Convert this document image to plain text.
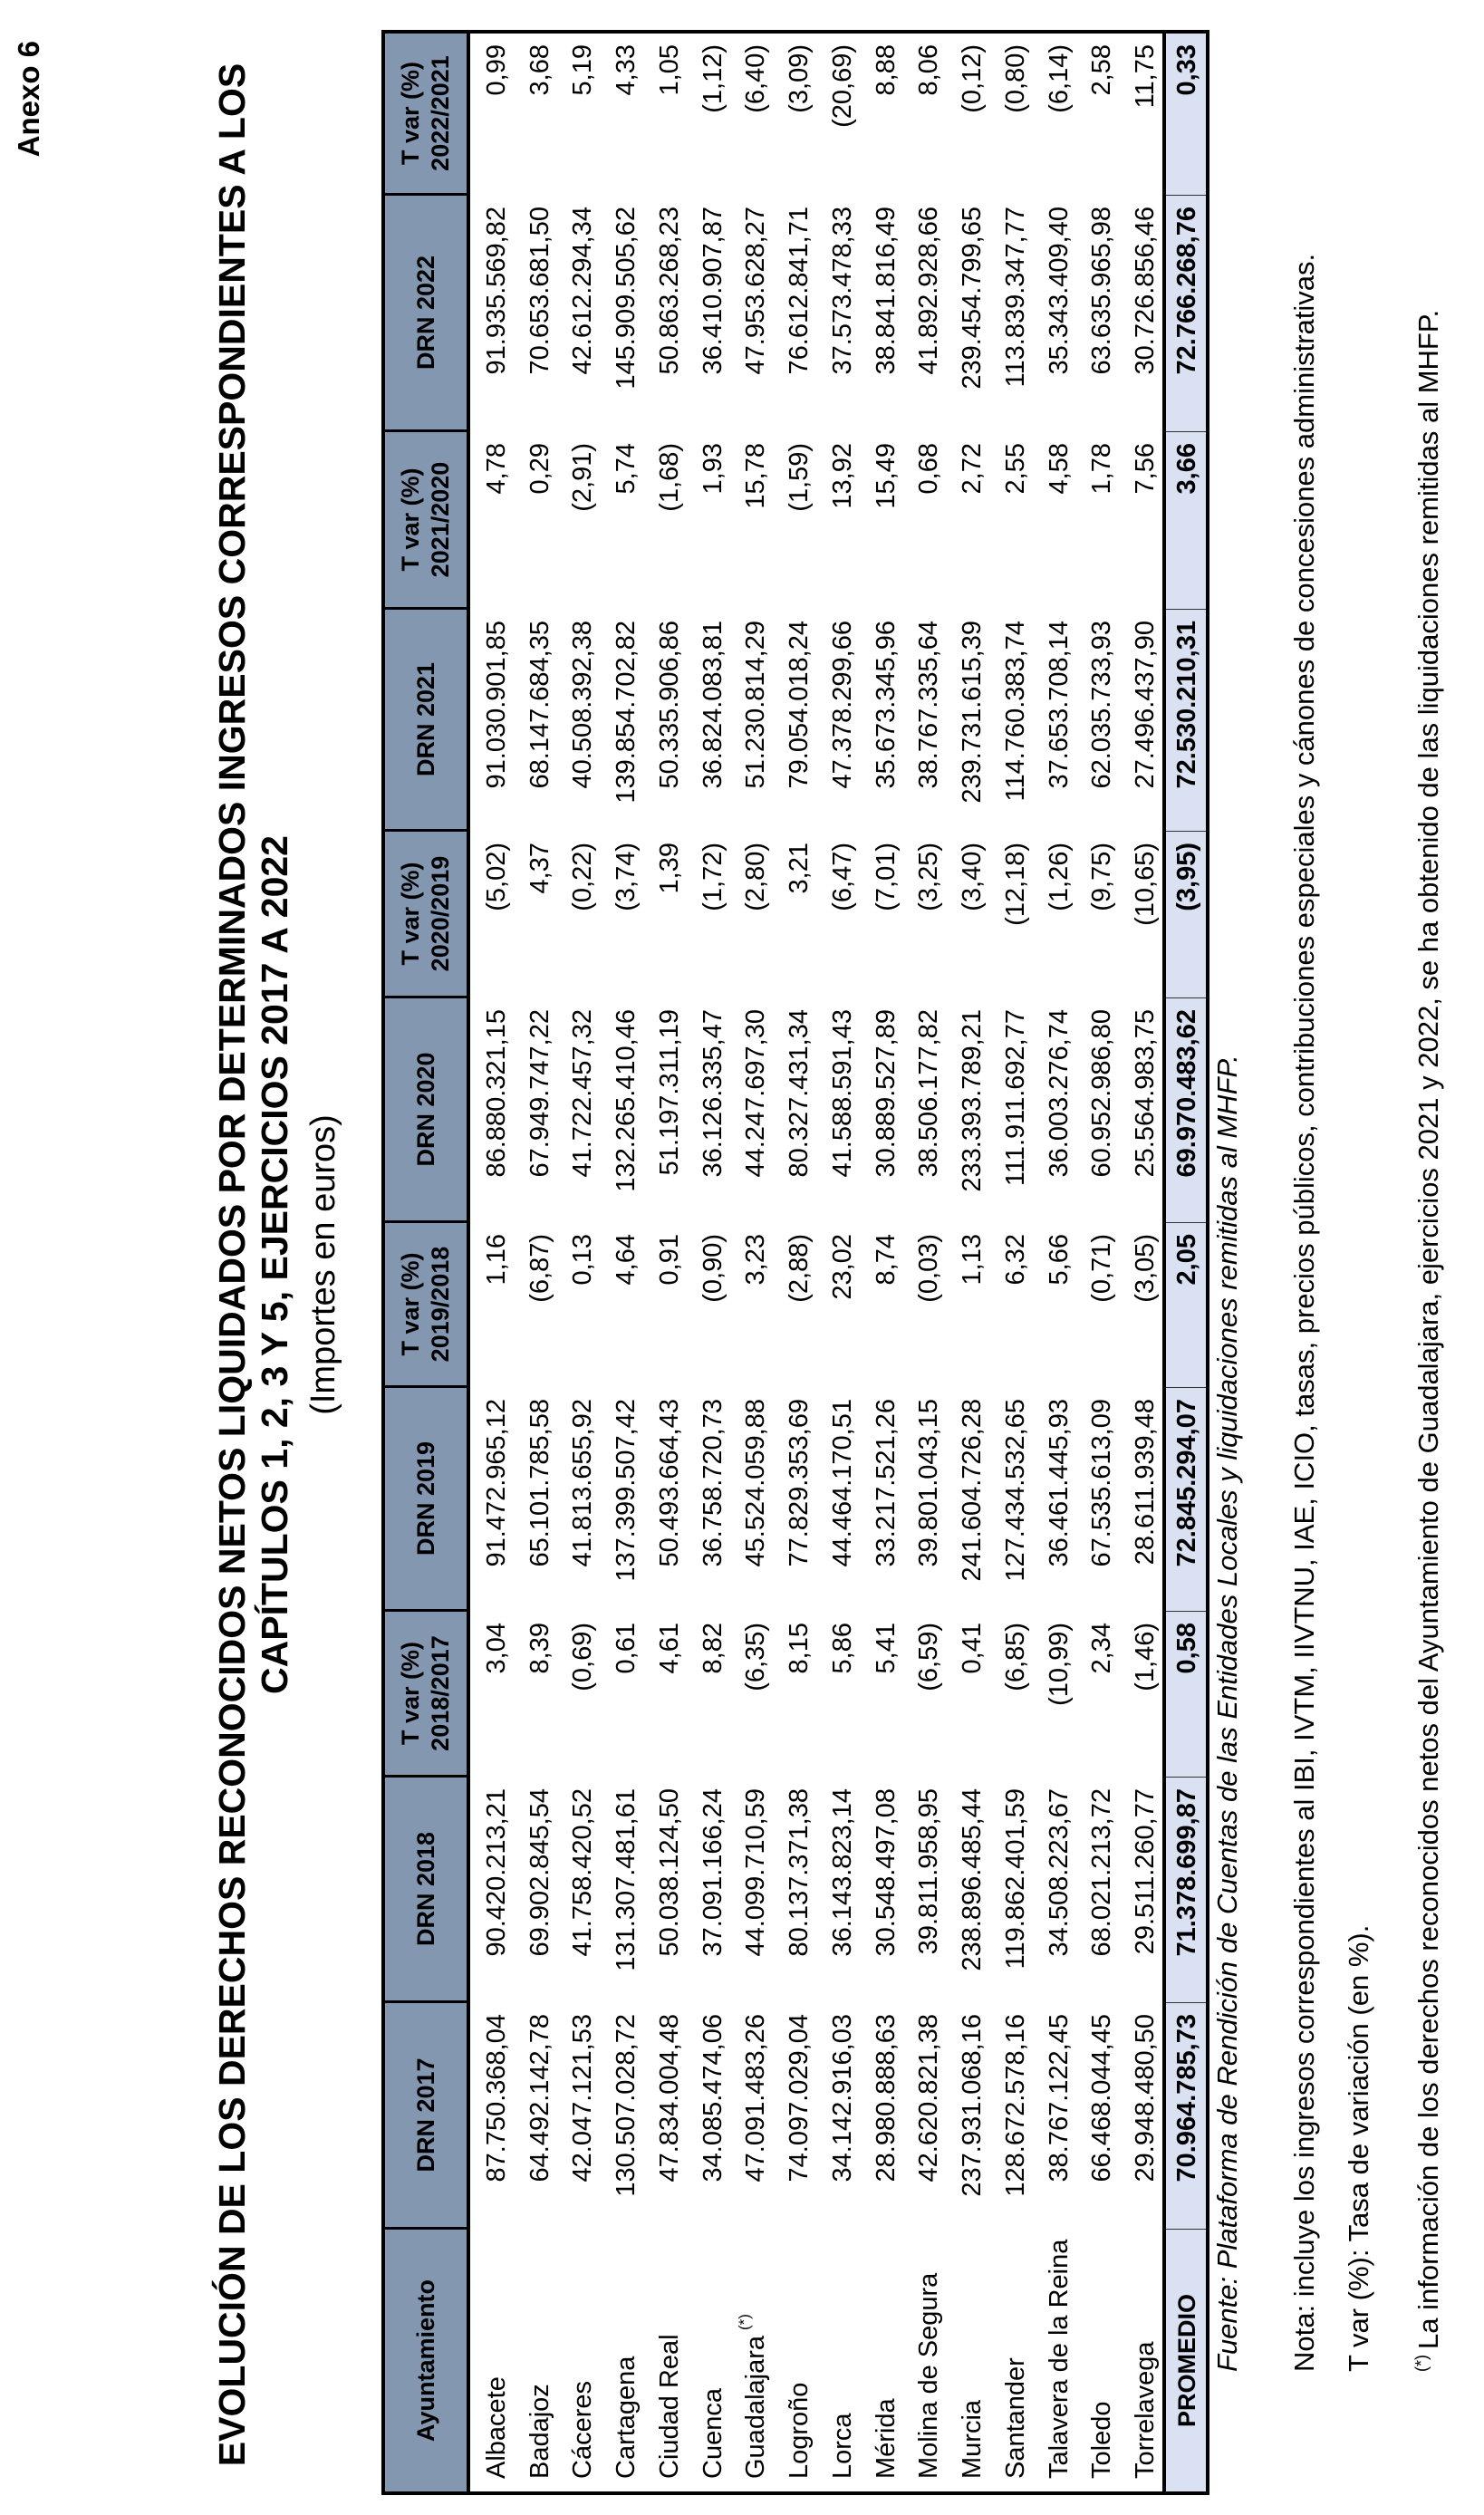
Anexo 6	EVOLUCIÓN DE LOS DERECHOS RECONOCIDOS NETOS LIQUIDADOS POR DETERMINADOS INGRESOS CORRESPONDIENTES A LOS CAPÍTULOS 1, 2, 3 Y 5, EJERCICIOS 2017 A 2022 (Importes en euros)
Ayuntamiento
DRN 2017
DRN 2018
T var (%) 2018/2017
DRN 2019
T var (%) 2019/2018
DRN 2020
T var (%) 2020/2019
DRN 2021
T var (%) 2021/2020
DRN 2022
T var (%) 2022/2021
Albacete
87.750.368,04
90.420.213,21
3,04
91.472.965,12
1,16
86.880.321,15
(5,02)
91.030.901,85
4,78
91.935.569,82
0,99
Badajoz
64.492.142,78
69.902.845,54
8,39
65.101.785,58
(6,87)
67.949.747,22
4,37
68.147.684,35
0,29
70.653.681,50
3,68
Cáceres
42.047.121,53
41.758.420,52
(0,69)
41.813.655,92
0,13
41.722.457,32
(0,22)
40.508.392,38
(2,91)
42.612.294,34
5,19
Cartagena
130.507.028,72
131.307.481,61
0,61
137.399.507,42
4,64
132.265.410,46
(3,74)
139.854.702,82
5,74
145.909.505,62
4,33
Ciudad Real
47.834.004,48
50.038.124,50
4,61
50.493.664,43
0,91
51.197.311,19
1,39
50.335.906,86
(1,68)
50.863.268,23
1,05
Cuenca
34.085.474,06
37.091.166,24
8,82
36.758.720,73
(0,90)
36.126.335,47
(1,72)
36.824.083,81
1,93
36.410.907,87
(1,12)
Guadalajara
(*)
47.091.483,26
44.099.710,59
(6,35)
45.524.059,88
3,23
44.247.697,30
(2,80)
51.230.814,29
15,78
47.953.628,27
(6,40)
Logroño
74.097.029,04
80.137.371,38
8,15
77.829.353,69
(2,88)
80.327.431,34
3,21
79.054.018,24
(1,59)
76.612.841,71
(3,09)
Lorca
34.142.916,03
36.143.823,14
5,86
44.464.170,51
23,02
41.588.591,43
(6,47)
47.378.299,66
13,92
37.573.478,33
(20,69)
Mérida
28.980.888,63
30.548.497,08
5,41
33.217.521,26
8,74
30.889.527,89
(7,01)
35.673.345,96
15,49
38.841.816,49
8,88
Molina de Segura
42.620.821,38
39.811.958,95
(6,59)
39.801.043,15
(0,03)
38.506.177,82
(3,25)
38.767.335,64
0,68
41.892.928,66
8,06
Murcia
237.931.068,16
238.896.485,44
0,41
241.604.726,28
1,13
233.393.789,21
(3,40)
239.731.615,39
2,72
239.454.799,65
(0,12)
Santander
128.672.578,16
119.862.401,59
(6,85)
127.434.532,65
6,32
111.911.692,77
(12,18)
114.760.383,74
2,55
113.839.347,77
(0,80)
Talavera de la Reina
38.767.122,45
34.508.223,67
(10,99)
36.461.445,93
5,66
36.003.276,74
(1,26)
37.653.708,14
4,58
35.343.409,40
(6,14)
Toledo
66.468.044,45
68.021.213,72
2,34
67.535.613,09
(0,71)
60.952.986,80
(9,75)
62.035.733,93
1,78
63.635.965,98
2,58
Torrelavega
29.948.480,50
29.511.260,77
(1,46)
28.611.939,48
(3,05)
25.564.983,75
(10,65)
27.496.437,90
7,56
30.726.856,46
11,75
PROMEDIO
70.964.785,73
71.378.699,87
0,58
72.845.294,07
2,05
69.970.483,62
(3,95)
72.530.210,31
3,66
72.766.268,76
0,33
Fuente: Plataforma de Rendición de Cuentas de las Entidades Locales y liquidaciones remitidas al MHFP. Nota: incluye los ingresos correspondientes al IBI, IVTM, IIVTNU, IAE, ICIO, tasas, precios públicos, contribuciones especiales y cánones de concesiones administrativas. T var (%): Tasa de variación (en %). (*)La información de los derechos reconocidos netos del Ayuntamiento de Guadalajara, ejercicios 2021 y 2022, se ha obtenido de las liquidaciones remitidas al MHFP.
